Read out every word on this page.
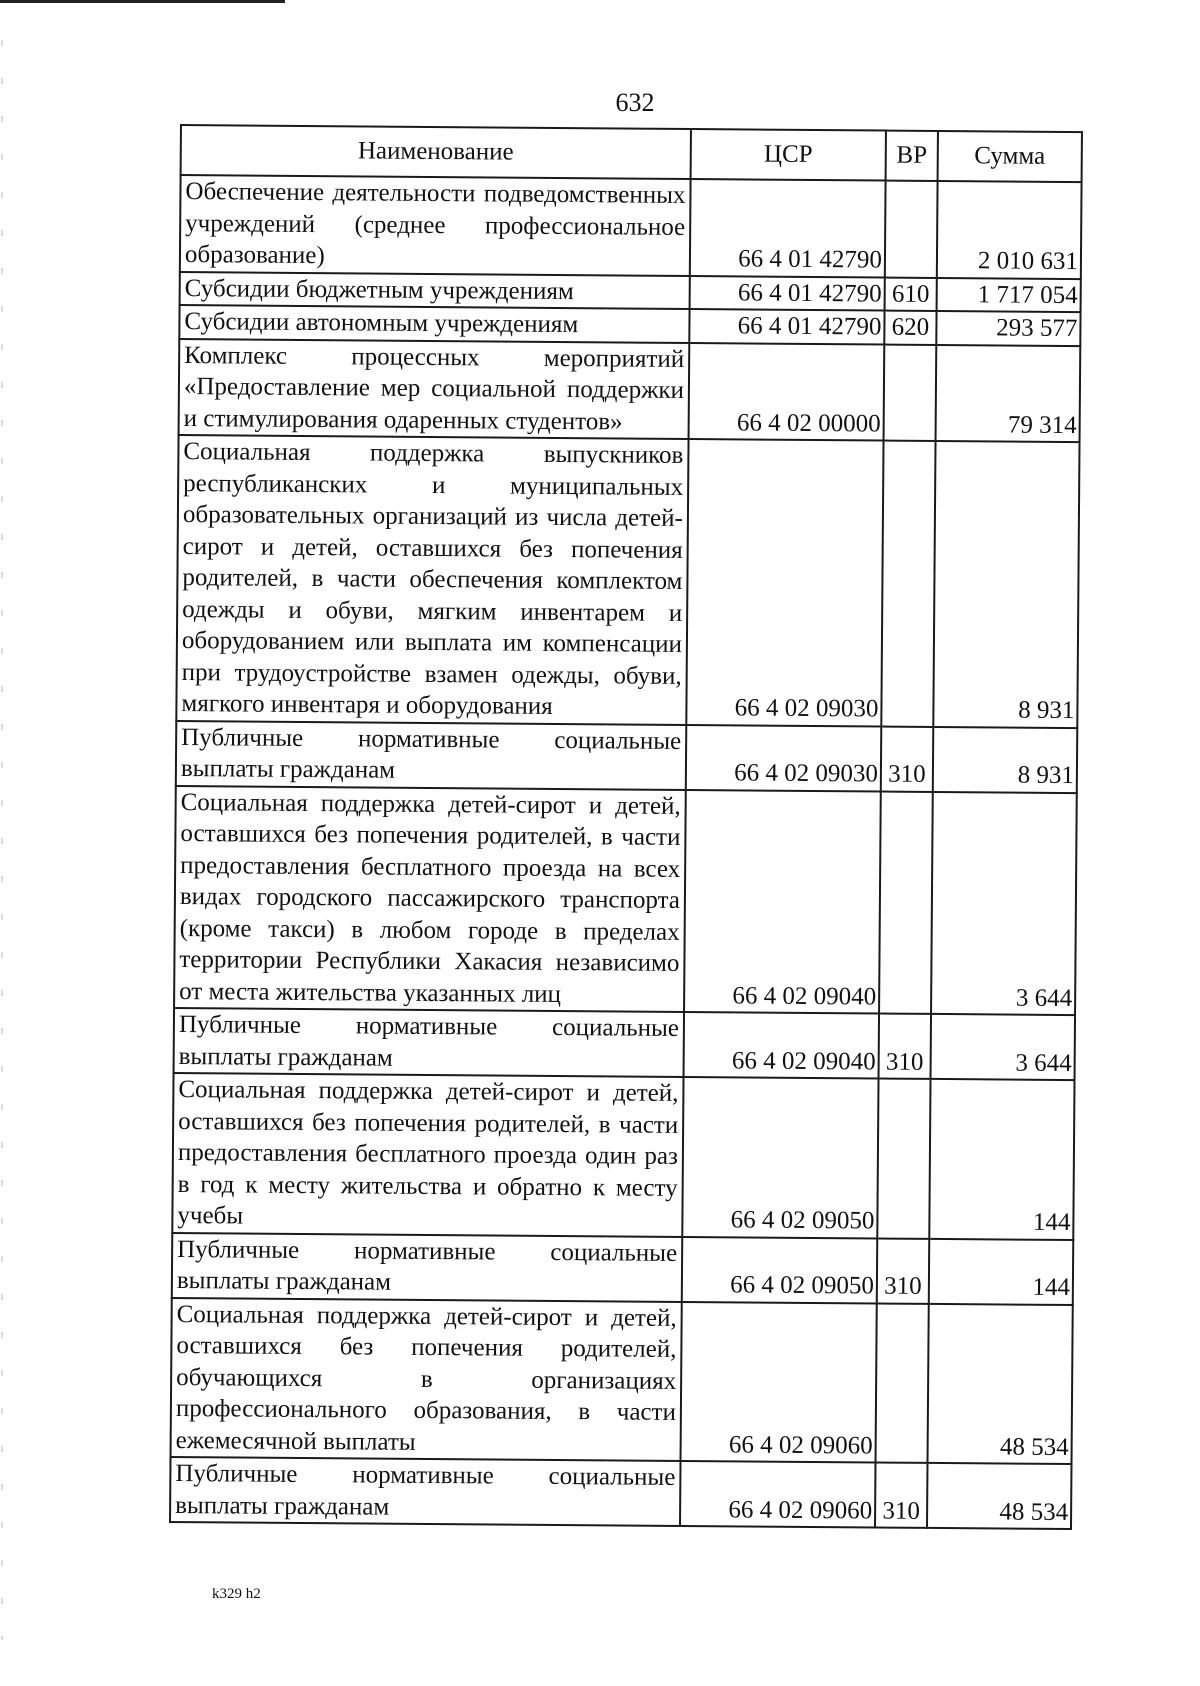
632
Наименование	ЦСР	ВР	Сумма
Обеспечение деятельности подведомственных учреждений (среднее профессиональное образование)	66 4 01 42790		2 010 631
Субсидии бюджетным учреждениям	66 4 01 42790	610	1 717 054
Субсидии автономным учреждениям	66 4 01 42790	620	293 577
Комплекс процессных мероприятий «Предоставление мер социальной поддержки и стимулирования одаренных студентов»	66 4 02 00000		79 314
Социальная поддержка выпускников республиканских и муниципальных образовательных организаций из числа детей-сирот и детей, оставшихся без попечения родителей, в части обеспечения комплектом одежды и обуви, мягким инвентарем и оборудованием или выплата им компенсации при трудоустройстве взамен одежды, обуви, мягкого инвентаря и оборудования	66 4 02 09030		8 931
Публичные нормативные социальные выплаты гражданам	66 4 02 09030	310	8 931
Социальная поддержка детей-сирот и детей, оставшихся без попечения родителей, в части предоставления бесплатного проезда на всех видах городского пассажирского транспорта (кроме такси) в любом городе в пределах территории Республики Хакасия независимо от места жительства указанных лиц	66 4 02 09040		3 644
Публичные нормативные социальные выплаты гражданам	66 4 02 09040	310	3 644
Социальная поддержка детей-сирот и детей, оставшихся без попечения родителей, в части предоставления бесплатного проезда один раз в год к месту жительства и обратно к месту учебы	66 4 02 09050		144
Публичные нормативные социальные выплаты гражданам	66 4 02 09050	310	144
Социальная поддержка детей-сирот и детей, оставшихся без попечения родителей, обучающихся в организациях профессионального образования, в части ежемесячной выплаты	66 4 02 09060		48 534
Публичные нормативные социальные выплаты гражданам	66 4 02 09060	310	48 534
k329 h2
